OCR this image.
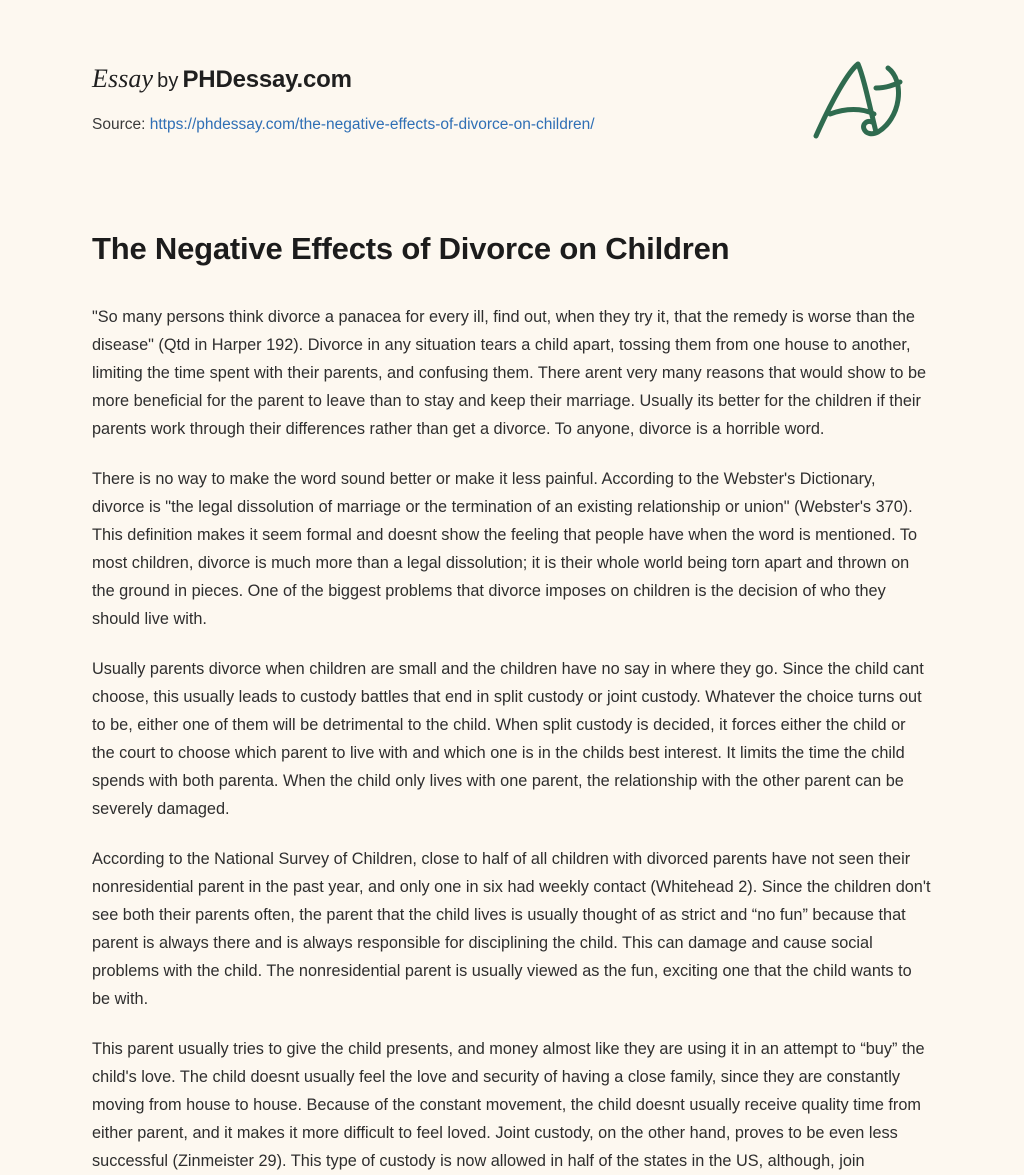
Essay by PHDessay.com
Source: https://phdessay.com/the-negative-effects-of-divorce-on-children/
The Negative Effects of Divorce on Children

"So many persons think divorce a panacea for every ill, find out, when they try it, that the remedy is worse than the disease" (Qtd in Harper 192). Divorce in any situation tears a child apart, tossing them from one house to another, limiting the time spent with their parents, and confusing them. There arent very many reasons that would show to be more beneficial for the parent to leave than to stay and keep their marriage. Usually its better for the children if their parents work through their differences rather than get a divorce. To anyone, divorce is a horrible word.

There is no way to make the word sound better or make it less painful. According to the Webster's Dictionary, divorce is "the legal dissolution of marriage or the termination of an existing relationship or union" (Webster's 370). This definition makes it seem formal and doesnt show the feeling that people have when the word is mentioned. To most children, divorce is much more than a legal dissolution; it is their whole world being torn apart and thrown on the ground in pieces. One of the biggest problems that divorce imposes on children is the decision of who they should live with.

Usually parents divorce when children are small and the children have no say in where they go. Since the child cant choose, this usually leads to custody battles that end in split custody or joint custody. Whatever the choice turns out to be, either one of them will be detrimental to the child. When split custody is decided, it forces either the child or the court to choose which parent to live with and which one is in the childs best interest. It limits the time the child spends with both parenta. When the child only lives with one parent, the relationship with the other parent can be severely damaged.

According to the National Survey of Children, close to half of all children with divorced parents have not seen their nonresidential parent in the past year, and only one in six had weekly contact (Whitehead 2). Since the children don't see both their parents often, the parent that the child lives is usually thought of as strict and “no fun” because that parent is always there and is always responsible for disciplining the child. This can damage and cause social problems with the child. The nonresidential parent is usually viewed as the fun, exciting one that the child wants to be with.

This parent usually tries to give the child presents, and money almost like they are using it in an attempt to “buy” the child's love. The child doesnt usually feel the love and security of having a close family, since they are constantly moving from house to house. Because of the constant movement, the child doesnt usually receive quality time from either parent, and it makes it more difficult to feel loved. Joint custody, on the other hand, proves to be even less successful (Zinmeister 29). This type of custody is now allowed in half of the states in the US, although, join
